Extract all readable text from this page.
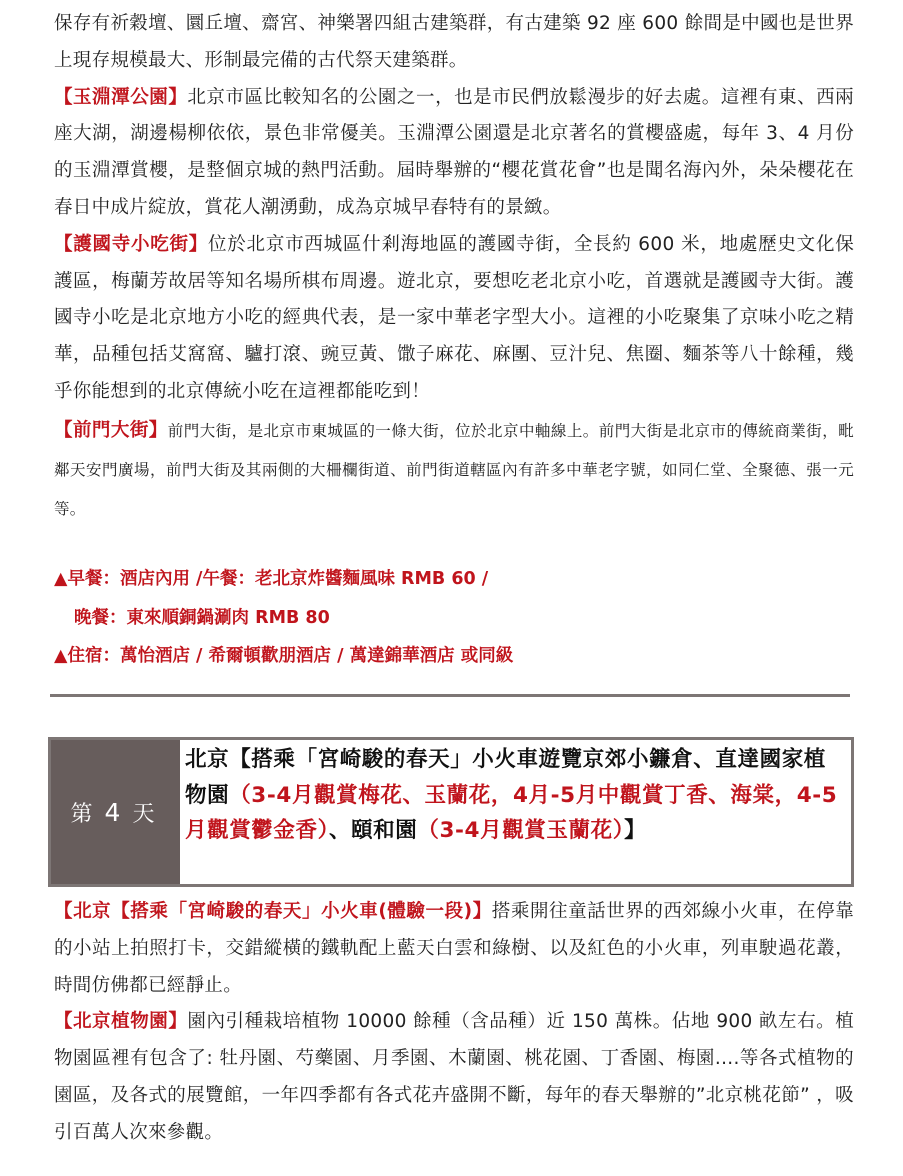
保存有祈穀壇、圜丘壇、齋宮、神樂署四組古建築群，有古建築 92 座 600 餘間是中國也是世界上現存規模最大、形制最完備的古代祭天建築群。

【玉淵潭公園】北京市區比較知名的公園之一，也是市民們放鬆漫步的好去處。這裡有東、西兩座大湖，湖邊楊柳依依，景色非常優美。玉淵潭公園還是北京著名的賞櫻盛處，每年 3、4 月份的玉淵潭賞櫻，是整個京城的熱門活動。屆時舉辦的“櫻花賞花會”也是聞名海內外，朵朵櫻花在春日中成片綻放，賞花人潮湧動，成為京城早春特有的景緻。

【護國寺小吃街】位於北京市西城區什剎海地區的護國寺街，全長約 600 米，地處歷史文化保護區，梅蘭芳故居等知名場所棋布周邊。遊北京，要想吃老北京小吃，首選就是護國寺大街。護國寺小吃是北京地方小吃的經典代表，是一家中華老字型大小。這裡的小吃聚集了京味小吃之精華，品種包括艾窩窩、驢打滾、豌豆黃、馓子麻花、麻團、豆汁兒、焦圈、麵茶等八十餘種，幾乎你能想到的北京傳統小吃在這裡都能吃到！

【前門大街】前門大街，是北京市東城區的一條大街，位於北京中軸線上。前門大街是北京市的傳統商業街，毗鄰天安門廣場，前門大街及其兩側的大柵欄街道、前門街道轄區內有許多中華老字號，如同仁堂、全聚德、張一元等。

▲早餐：酒店內用 /午餐：老北京炸醬麵風味 RMB 60 /
晚餐：東來順銅鍋涮肉 RMB 80
▲住宿：萬怡酒店 / 希爾頓歡朋酒店 / 萬達錦華酒店 或同級
第 4 天
北京【搭乘「宮崎駿的春天」小火車遊覽京郊小鐮倉、直達國家植物園（3-4月觀賞梅花、玉蘭花，4月-5月中觀賞丁香、海棠，4-5月觀賞鬱金香）、頤和園（3-4月觀賞玉蘭花）】

【北京【搭乘「宮崎駿的春天」小火車(體驗一段)】搭乘開往童話世界的西郊線小火車，在停靠的小站上拍照打卡，交錯縱橫的鐵軌配上藍天白雲和綠樹、以及紅色的小火車，列車駛過花叢，時間仿佛都已經靜止。

【北京植物園】園內引種栽培植物 10000 餘種（含品種）近 150 萬株。佔地 900 畝左右。植物園區裡有包含了: 牡丹園、芍藥園、月季園、木蘭園、桃花園、丁香園、梅園....等各式植物的園區，及各式的展覽館，一年四季都有各式花卉盛開不斷，每年的春天舉辦的”北京桃花節” ，吸引百萬人次來參觀。
